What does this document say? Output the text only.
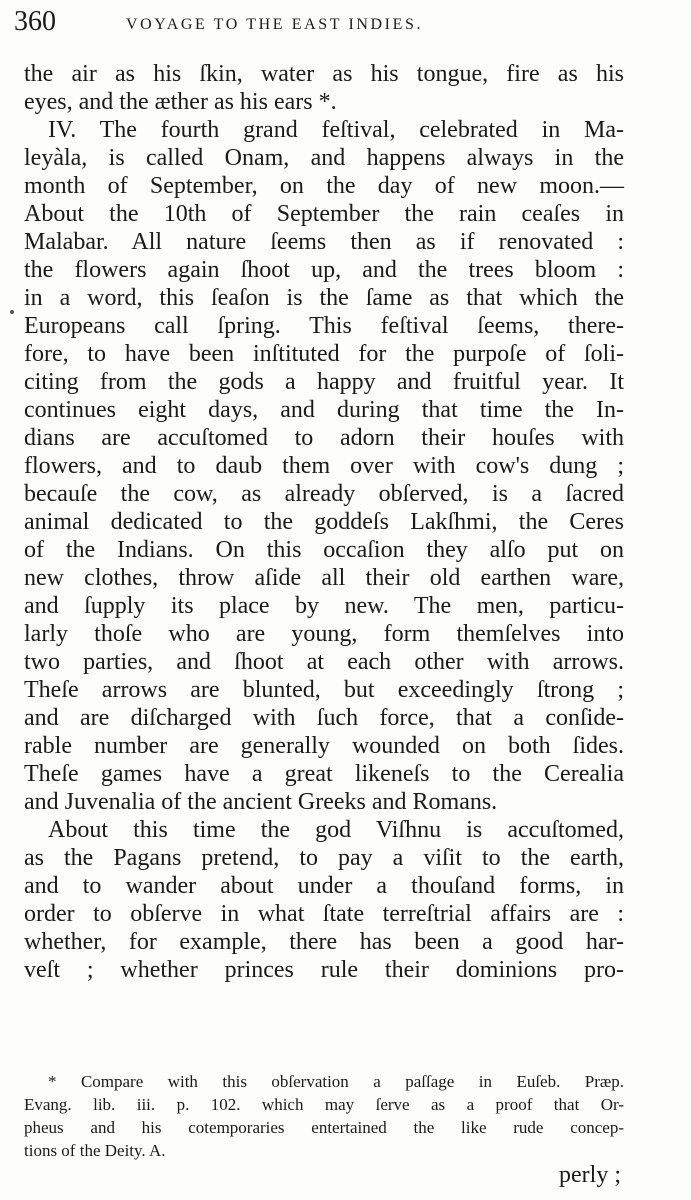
360	VOYAGE TO THE EAST INDIES.
the air as his ſkin, water as his tongue, fire as his
eyes, and the æther as his ears *.
IV. The fourth grand feſtival, celebrated in Ma-
leyàla, is called Onam, and happens always in the
month of September, on the day of new moon.—
About the 10th of September the rain ceaſes in
Malabar. All nature ſeems then as if renovated :
the flowers again ſhoot up, and the trees bloom :
in a word, this ſeaſon is the ſame as that which the
Europeans call ſpring. This feſtival ſeems, there-
fore, to have been inſtituted for the purpoſe of ſoli-
citing from the gods a happy and fruitful year. It
continues eight days, and during that time the In-
dians are accuſtomed to adorn their houſes with
flowers, and to daub them over with cow's dung ;
becauſe the cow, as already obſerved, is a ſacred
animal dedicated to the goddeſs Lakſhmi, the Ceres
of the Indians. On this occaſion they alſo put on
new clothes, throw aſide all their old earthen ware,
and ſupply its place by new. The men, particu-
larly thoſe who are young, form themſelves into
two parties, and ſhoot at each other with arrows.
Theſe arrows are blunted, but exceedingly ſtrong ;
and are diſcharged with ſuch force, that a conſide-
rable number are generally wounded on both ſides.
Theſe games have a great likeneſs to the Cerealia
and Juvenalia of the ancient Greeks and Romans.
About this time the god Viſhnu is accuſtomed,
as the Pagans pretend, to pay a viſit to the earth,
and to wander about under a thouſand forms, in
order to obſerve in what ſtate terreſtrial affairs are :
whether, for example, there has been a good har-
veſt ; whether princes rule their dominions pro-
* Compare with this obſervation a paſſage in Euſeb. Præp.
Evang. lib. iii. p. 102. which may ſerve as a proof that Or-
pheus and his cotemporaries entertained the like rude concep-
tions of the Deity. A.
perly ;
